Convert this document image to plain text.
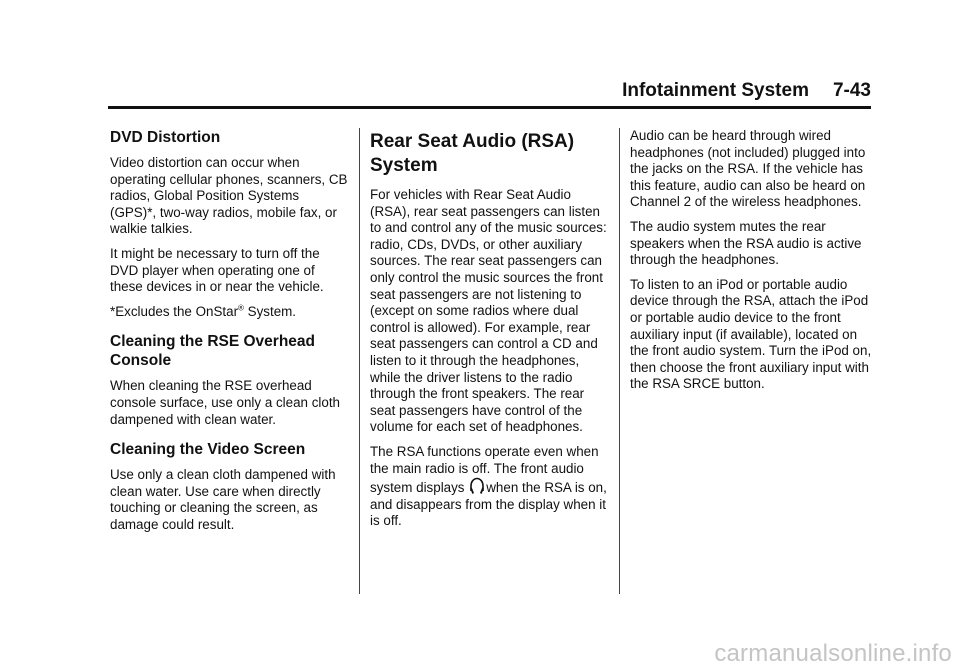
Infotainment System 7-43
DVD Distortion

Video distortion can occur when operating cellular phones, scanners, CB radios, Global Position Systems (GPS)*, two-way radios, mobile fax, or walkie talkies.

It might be necessary to turn off the DVD player when operating one of these devices in or near the vehicle.

*Excludes the OnStar® System.

Cleaning the RSE Overhead Console

When cleaning the RSE overhead console surface, use only a clean cloth dampened with clean water.

Cleaning the Video Screen

Use only a clean cloth dampened with clean water. Use care when directly touching or cleaning the screen, as damage could result.

Rear Seat Audio (RSA) System

For vehicles with Rear Seat Audio (RSA), rear seat passengers can listen to and control any of the music sources: radio, CDs, DVDs, or other auxiliary sources. The rear seat passengers can only control the music sources the front seat passengers are not listening to (except on some radios where dual control is allowed). For example, rear seat passengers can control a CD and listen to it through the headphones, while the driver listens to the radio through the front speakers. The rear seat passengers have control of the volume for each set of headphones.

The RSA functions operate even when the main radio is off. The front audio system displays when the RSA is on, and disappears from the display when it is off.

Audio can be heard through wired headphones (not included) plugged into the jacks on the RSA. If the vehicle has this feature, audio can also be heard on Channel 2 of the wireless headphones.

The audio system mutes the rear speakers when the RSA audio is active through the headphones.

To listen to an iPod or portable audio device through the RSA, attach the iPod or portable audio device to the front auxiliary input (if available), located on the front audio system. Turn the iPod on, then choose the front auxiliary input with the RSA SRCE button.

carmanualsonline.info
